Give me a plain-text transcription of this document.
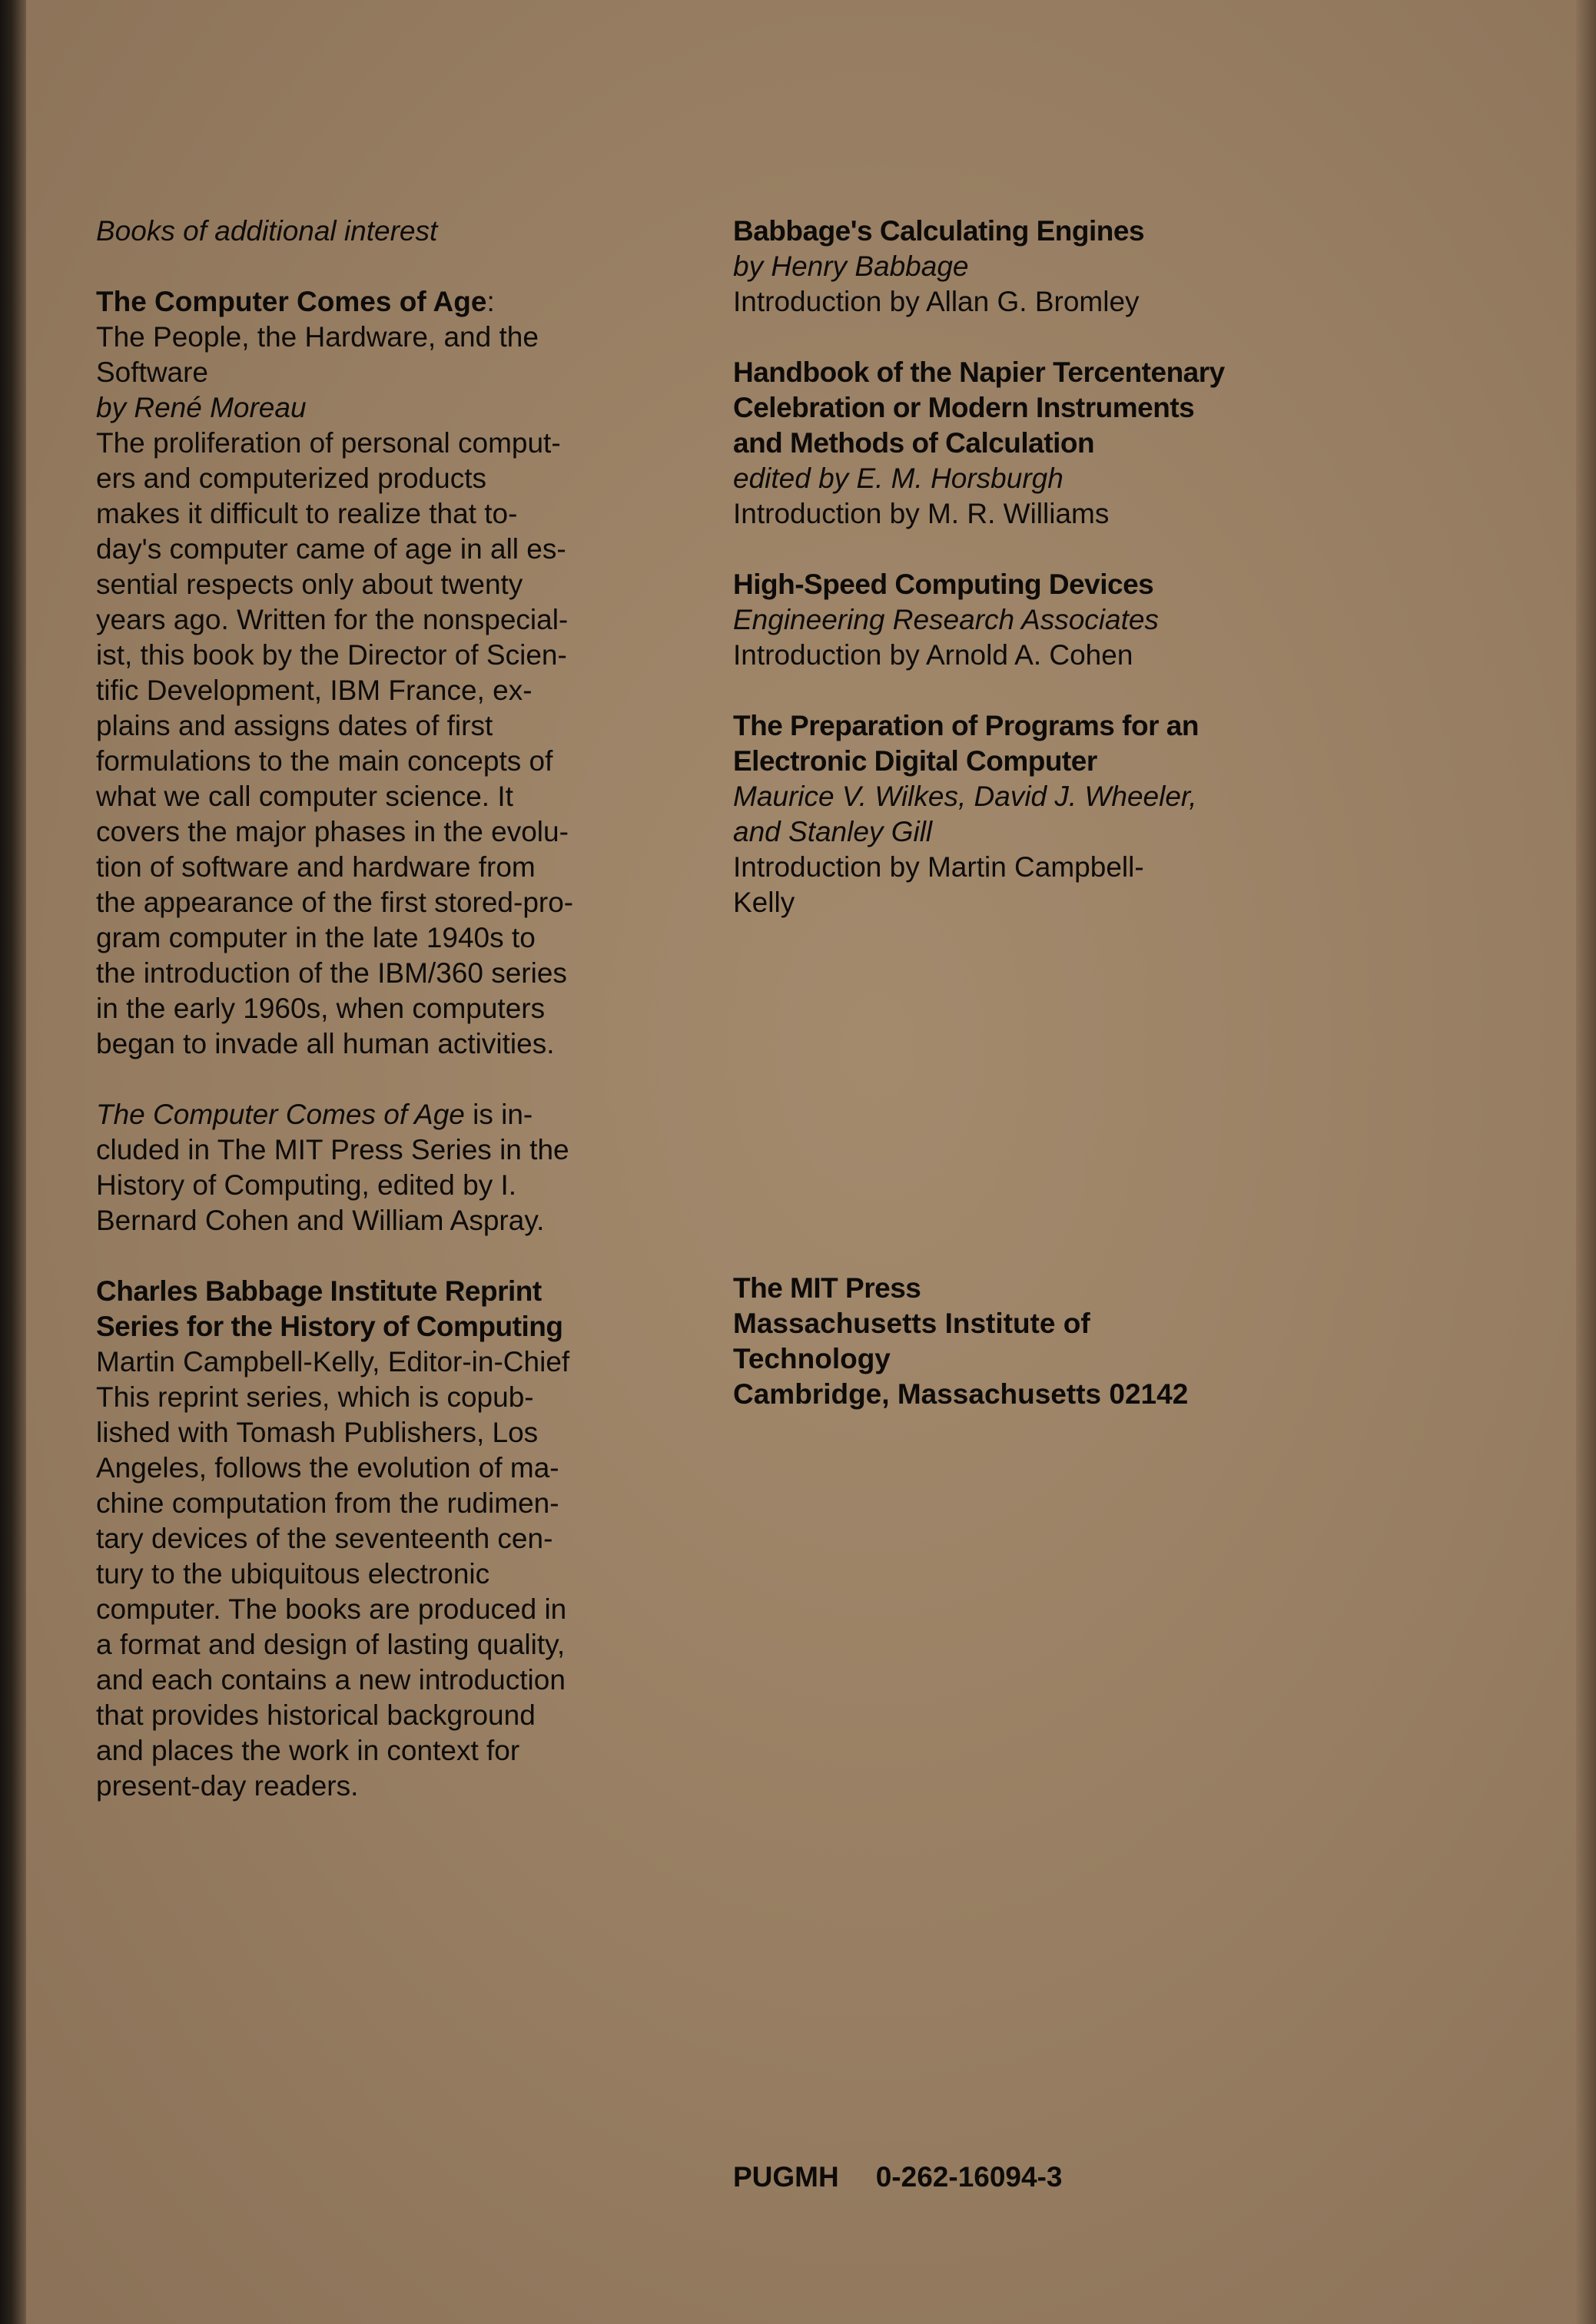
Books of additional interest
The Computer Comes of Age:
The People, the Hardware, and the
Software
by René Moreau
The proliferation of personal comput-
ers and computerized products
makes it difficult to realize that to-
day's computer came of age in all es-
sential respects only about twenty
years ago. Written for the nonspecial-
ist, this book by the Director of Scien-
tific Development, IBM France, ex-
plains and assigns dates of first
formulations to the main concepts of
what we call computer science. It
covers the major phases in the evolu-
tion of software and hardware from
the appearance of the first stored-pro-
gram computer in the late 1940s to
the introduction of the IBM/360 series
in the early 1960s, when computers
began to invade all human activities.
The Computer Comes of Age is in-
cluded in The MIT Press Series in the
History of Computing, edited by I.
Bernard Cohen and William Aspray.
Charles Babbage Institute Reprint
Series for the History of Computing
Martin Campbell-Kelly, Editor-in-Chief
This reprint series, which is copub-
lished with Tomash Publishers, Los
Angeles, follows the evolution of ma-
chine computation from the rudimen-
tary devices of the seventeenth cen-
tury to the ubiquitous electronic
computer. The books are produced in
a format and design of lasting quality,
and each contains a new introduction
that provides historical background
and places the work in context for
present-day readers.
Babbage's Calculating Engines
by Henry Babbage
Introduction by Allan G. Bromley
Handbook of the Napier Tercentenary
Celebration or Modern Instruments
and Methods of Calculation
edited by E. M. Horsburgh
Introduction by M. R. Williams
High-Speed Computing Devices
Engineering Research Associates
Introduction by Arnold A. Cohen
The Preparation of Programs for an
Electronic Digital Computer
Maurice V. Wilkes, David J. Wheeler,
and Stanley Gill
Introduction by Martin Campbell-
Kelly
The MIT Press
Massachusetts Institute of
Technology
Cambridge, Massachusetts 02142
PUGMH 0-262-16094-3
